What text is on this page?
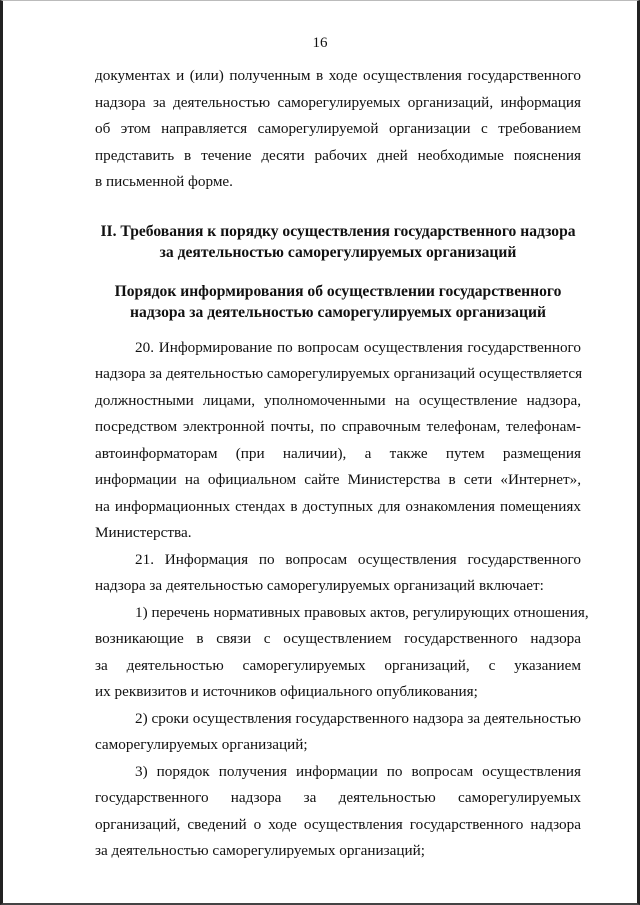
16
документах и (или) полученным в ходе осуществления государственного
надзора за деятельностью саморегулируемых организаций, информация
об этом направляется саморегулируемой организации с требованием
представить в течение десяти рабочих дней необходимые пояснения
в письменной форме.
II. Требования к порядку осуществления государственного надзора
за деятельностью саморегулируемых организаций
Порядок информирования об осуществлении государственного
надзора за деятельностью саморегулируемых организаций
20. Информирование по вопросам осуществления государственного
надзора за деятельностью саморегулируемых организаций осуществляется
должностными лицами, уполномоченными на осуществление надзора,
посредством электронной почты, по справочным телефонам, телефонам-
автоинформаторам (при наличии), а также путем размещения
информации на официальном сайте Министерства в сети «Интернет»,
на информационных стендах в доступных для ознакомления помещениях
Министерства.
21. Информация по вопросам осуществления государственного
надзора за деятельностью саморегулируемых организаций включает:
1) перечень нормативных правовых актов, регулирующих отношения,
возникающие в связи с осуществлением государственного надзора
за деятельностью саморегулируемых организаций, с указанием
их реквизитов и источников официального опубликования;
2) сроки осуществления государственного надзора за деятельностью
саморегулируемых организаций;
3) порядок получения информации по вопросам осуществления
государственного надзора за деятельностью саморегулируемых
организаций, сведений о ходе осуществления государственного надзора
за деятельностью саморегулируемых организаций;
